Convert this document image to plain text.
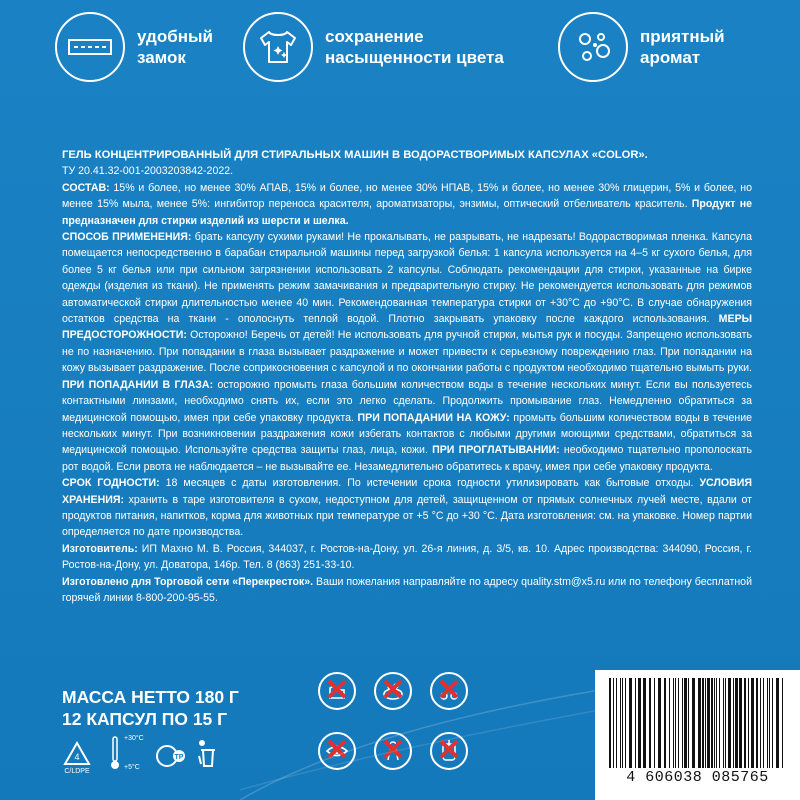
удобный
замок
сохранение
насыщенности цвета
приятный
аромат

ГЕЛЬ КОНЦЕНТРИРОВАННЫЙ ДЛЯ СТИРАЛЬНЫХ МАШИН В ВОДОРАСТВОРИМЫХ КАПСУЛАХ «COLOR».

ТУ 20.41.32-001-2003203842-2022.

СОСТАВ: 15% и более, но менее 30% АПАВ, 15% и более, но менее 30% НПАВ, 15% и более, но менее 30% глицерин, 5% и более, но менее 15% мыла, менее 5%: ингибитор переноса красителя, ароматизаторы, энзимы, оптический отбеливатель краситель. Продукт не предназначен для стирки изделий из шерсти и шелка.

СПОСОБ ПРИМЕНЕНИЯ: брать капсулу сухими руками! Не прокалывать, не разрывать, не надрезать! Водорастворимая пленка. Капсула помещается непосредственно в барабан стиральной машины перед загрузкой белья: 1 капсула используется на 4–5 кг сухого белья, для более 5 кг белья или при сильном загрязнении использовать 2 капсулы. Соблюдать рекомендации для стирки, указанные на бирке одежды (изделия из ткани). Не применять режим замачивания и предварительную стирку. Не рекомендуется использовать для режимов автоматической стирки длительностью менее 40 мин. Рекомендованная температура стирки от +30°С до +90°С. В случае обнаружения остатков средства на ткани - ополоснуть теплой водой. Плотно закрывать упаковку после каждого использования. МЕРЫ ПРЕДОСТОРОЖНОСТИ: Осторожно! Беречь от детей! Не использовать для ручной стирки, мытья рук и посуды. Запрещено использовать не по назначению. При попадании в глаза вызывает раздражение и может привести к серьезному повреждению глаз. При попадании на кожу вызывает раздражение. После соприкосновения с капсулой и по окончании работы с продуктом необходимо тщательно вымыть руки. ПРИ ПОПАДАНИИ В ГЛАЗА: осторожно промыть глаза большим количеством воды в течение нескольких минут. Если вы пользуетесь контактными линзами, необходимо снять их, если это легко сделать. Продолжить промывание глаз. Немедленно обратиться за медицинской помощью, имея при себе упаковку продукта. ПРИ ПОПАДАНИИ НА КОЖУ: промыть большим количеством воды в течение нескольких минут. При возникновении раздражения кожи избегать контактов с любыми другими моющими средствами, обратиться за медицинской помощью. Используйте средства защиты глаз, лица, кожи. ПРИ ПРОГЛАТЫВАНИИ: необходимо тщательно прополоскать рот водой. Если рвота не наблюдается – не вызывайте ее. Незамедлительно обратитесь к врачу, имея при себе упаковку продукта.

СРОК ГОДНОСТИ: 18 месяцев с даты изготовления. По истечении срока годности утилизировать как бытовые отходы. УСЛОВИЯ ХРАНЕНИЯ: хранить в таре изготовителя в сухом, недоступном для детей, защищенном от прямых солнечных лучей месте, вдали от продуктов питания, напитков, корма для животных при температуре от +5 °С до +30 °С. Дата изготовления: см. на упаковке. Номер партии определяется по дате производства.

Изготовитель: ИП Махно М. В. Россия, 344037, г. Ростов-на-Дону, ул. 26-я линия, д. 3/5, кв. 10. Адрес производства: 344090, Россия, г. Ростов-на-Дону, ул. Доватора, 146р. Тел. 8 (863) 251-33-10.

Изготовлено для Торговой сети «Перекресток». Ваши пожелания направляйте по адресу quality.stm@x5.ru или по телефону бесплатной горячей линии 8-800-200-95-55.

МАССА НЕТТО 180 Г
12 КАПСУЛ ПО 15 Г
4
C/LDPE
+30°C
+5°C
TP
✕ ✕ ✕
✕ ✕ ✕
4 606038 085765
